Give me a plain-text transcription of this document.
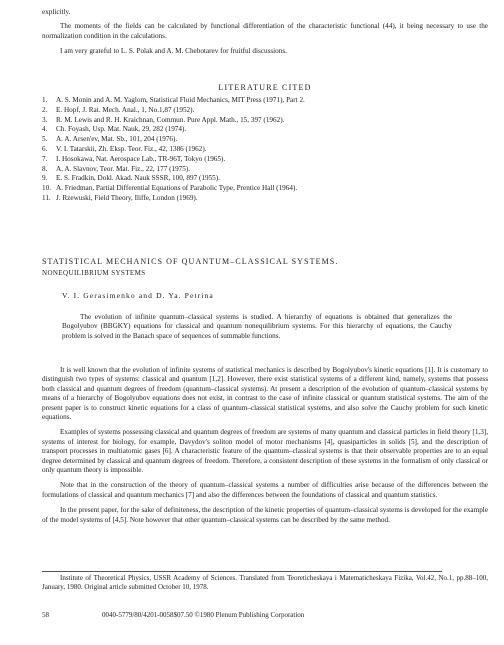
explicitly.

The moments of the fields can be calculated by functional differentiation of the characteristic functional (44), it being necessary to use the normalization condition in the calculations.

I am very grateful to L. S. Polak and A. M. Chebotarev for fruitful discussions.

LITERATURE CITED
1.	A. S. Monin and A. M. Yaglom, Statistical Fluid Mechanics, MIT Press (1971), Part 2.
2.	E. Hopf, J. Rat. Mech. Anal., 1, No.1,87 (1952).
3.	R. M. Lewis and R. H. Kraichnan, Commun. Pure Appl. Math., 15, 397 (1962).
4.	Ch. Foyash, Usp. Mat. Nauk, 29, 282 (1974).
5.	A. A. Arsen'ev, Mat. Sb., 101, 204 (1976).
6.	V. I. Tatarskii, Zh. Eksp. Teor. Fiz., 42, 1386 (1962).
7.	I. Hosokawa, Nat. Aerospace Lab., TR-96T, Tokyo (1965).
8.	A. A. Slavnov, Teor. Mat. Fiz., 22, 177 (1975).
9.	E. S. Fradkin, Dokl. Akad. Nauk SSSR, 100, 897 (1955).
10. A. Friedman, Partial Differential Equations of Parabolic Type, Prentice Hall (1964).
11. J. Rzewuski, Field Theory, Iliffe, London (1969).
STATISTICAL MECHANICS OF QUANTUM–CLASSICAL SYSTEMS.
NONEQUILIBRIUM SYSTEMS
V. I. Gerasimenko and D. Ya. Petrina

The evolution of infinite quantum–classical systems is studied. A hierarchy of equations is obtained that generalizes the Bogolyubov (BBGKY) equations for classical and quantum nonequilibrium systems. For this hierarchy of equations, the Cauchy problem is solved in the Banach space of sequences of summable functions.

It is well known that the evolution of infinite systems of statistical mechanics is described by Bogolyubov's kinetic equations [1]. It is customary to distinguish two types of systems: classical and quantum [1,2]. However, there exist statistical systems of a different kind, namely, systems that possess both classical and quantum degrees of freedom (quantum–classical systems). At present a description of the evolution of quantum–classical systems by means of a hierarchy of Bogolyubov equations does not exist, in contrast to the case of infinite classical or quantum statistical systems. The aim of the present paper is to construct kinetic equations for a class of quantum–classical statistical systems, and also solve the Cauchy problem for such kinetic equations.

Examples of systems possessing classical and quantum degrees of freedom are systems of many quantum and classical particles in field theory [1,3], systems of interest for biology, for example, Davydov's soliton model of motor mechanisms [4], quasiparticles in solids [5], and the description of transport processes in multiatomic gases [6]. A characteristic feature of the quantum–classical systems is that their observable properties are to an equal degree determined by classical and quantum degrees of freedom. Therefore, a consistent description of these systems in the formalism of only classical or only quantum theory is impossible.

Note that in the construction of the theory of quantum–classical systems a number of difficulties arise because of the differences between the formulations of classical and quantum mechanics [7] and also the differences between the foundations of classical and quantum statistics.

In the present paper, for the sake of definiteness, the description of the kinetic properties of quantum–classical systems is developed for the example of the model systems of [4,5]. Note however that other quantum–classical systems can be described by the same method.

Institute of Theoretical Physics, USSR Academy of Sciences. Translated from Teoreticheskaya i Matematicheskaya Fizika, Vol.42, No.1, pp.88–100, January, 1980. Original article submitted October 10, 1978.

58	0040-5779/80/4201-0058$07.50 ©1980 Plenum Publishing Corporation
